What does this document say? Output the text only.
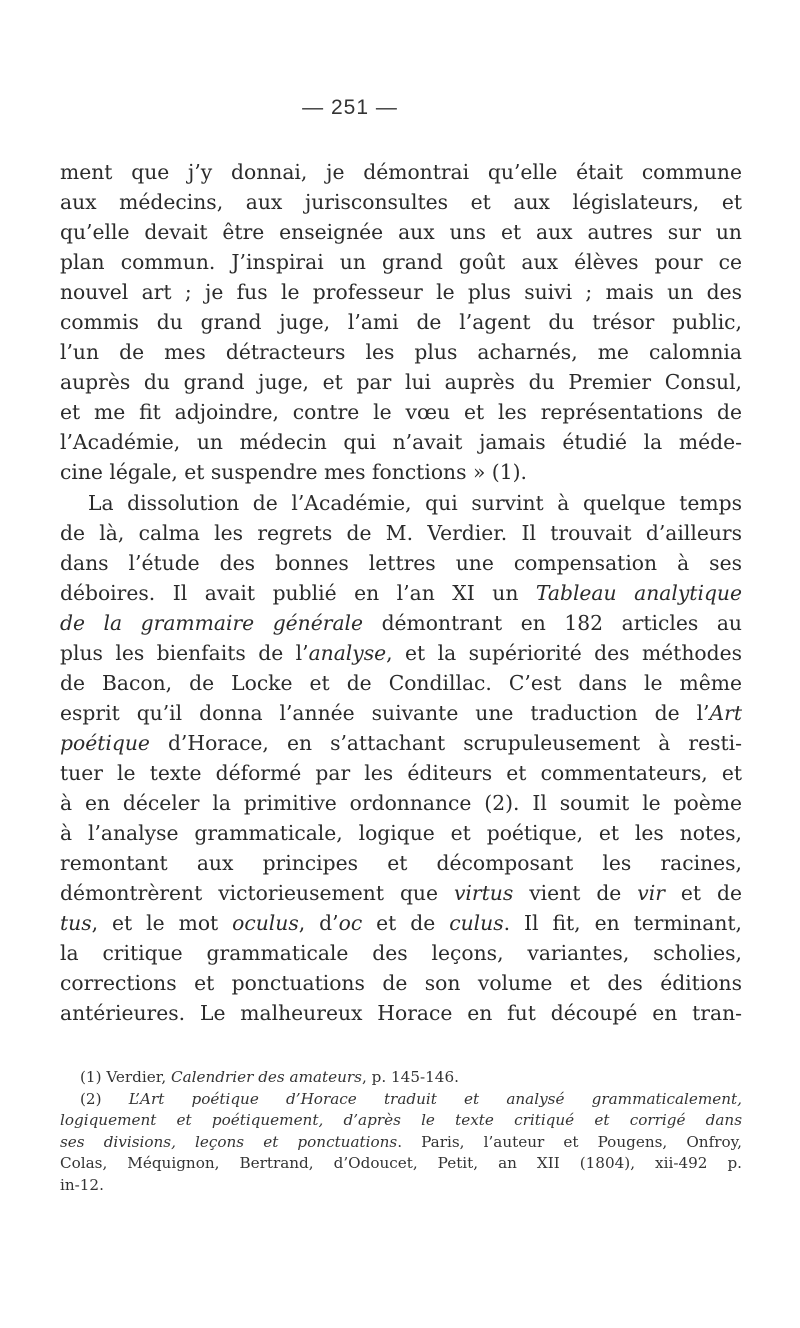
— 251 —
ment que j’y donnai, je démontrai qu’elle était commune
aux médecins, aux jurisconsultes et aux législateurs, et
qu’elle devait être enseignée aux uns et aux autres sur un
plan commun. J’inspirai un grand goût aux élèves pour ce
nouvel art ; je fus le professeur le plus suivi ; mais un des
commis du grand juge, l’ami de l’agent du trésor public,
l’un de mes détracteurs les plus acharnés, me calomnia
auprès du grand juge, et par lui auprès du Premier Consul,
et me fit adjoindre, contre le vœu et les représentations de
l’Académie, un médecin qui n’avait jamais étudié la méde-
cine légale, et suspendre mes fonctions » (1).
La dissolution de l’Académie, qui survint à quelque temps
de là, calma les regrets de M. Verdier. Il trouvait d’ailleurs
dans l’étude des bonnes lettres une compensation à ses
déboires. Il avait publié en l’an XI un Tableau analytique
de la grammaire générale démontrant en 182 articles au
plus les bienfaits de l’analyse, et la supériorité des méthodes
de Bacon, de Locke et de Condillac. C’est dans le même
esprit qu’il donna l’année suivante une traduction de l’Art
poétique d’Horace, en s’attachant scrupuleusement à resti-
tuer le texte déformé par les éditeurs et commentateurs, et
à en déceler la primitive ordonnance (2). Il soumit le poème
à l’analyse grammaticale, logique et poétique, et les notes,
remontant aux principes et décomposant les racines,
démontrèrent victorieusement que virtus vient de vir et de
tus, et le mot oculus, d’oc et de culus. Il fit, en terminant,
la critique grammaticale des leçons, variantes, scholies,
corrections et ponctuations de son volume et des éditions
antérieures. Le malheureux Horace en fut découpé en tran-
(1) Verdier, Calendrier des amateurs, p. 145-146.
(2) L’Art poétique d’Horace traduit et analysé grammaticalement,
logiquement et poétiquement, d’après le texte critiqué et corrigé dans
ses divisions, leçons et ponctuations. Paris, l’auteur et Pougens, Onfroy,
Colas, Méquignon, Bertrand, d’Odoucet, Petit, an XII (1804), xii-492 p.
in-12.
